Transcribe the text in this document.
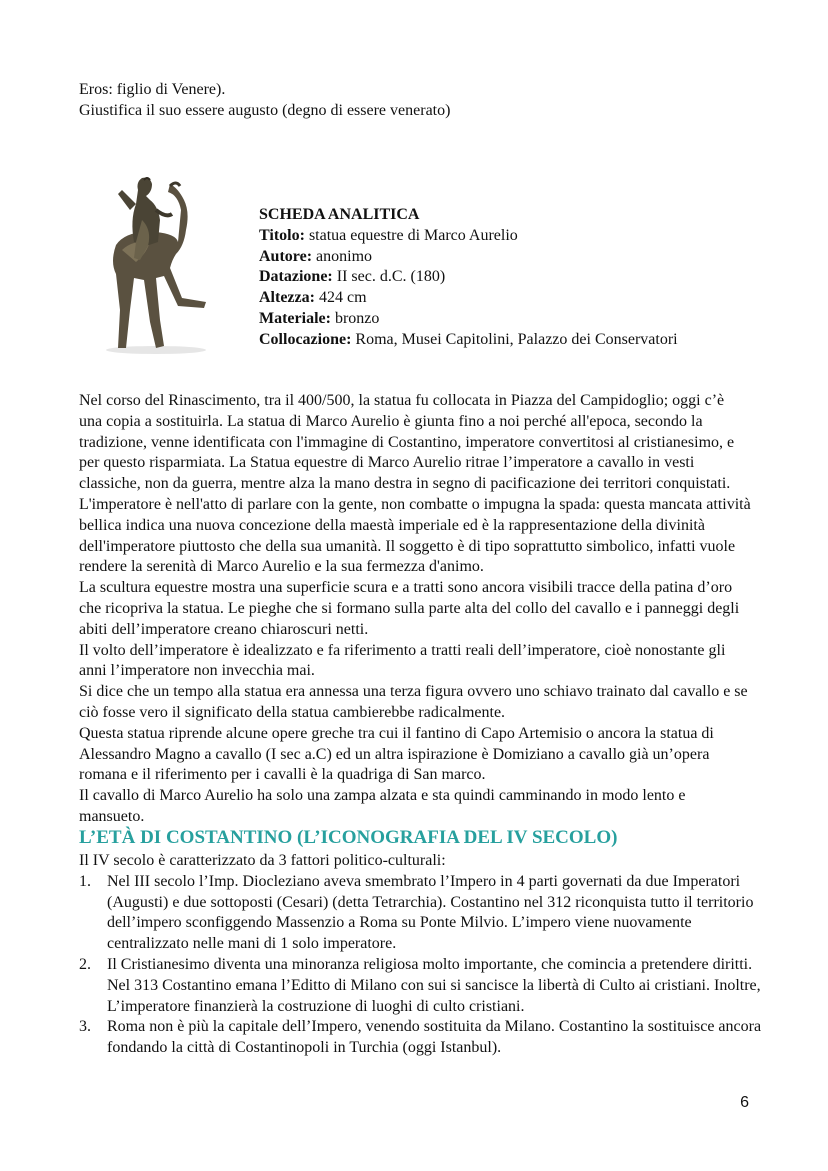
Eros: figlio di Venere).

Giustifica il suo essere augusto (degno di essere venerato)

SCHEDA ANALITICA

Titolo: statua equestre di Marco Aurelio

Autore: anonimo

Datazione: II sec. d.C. (180)

Altezza: 424 cm

Materiale: bronzo

Collocazione: Roma, Musei Capitolini, Palazzo dei Conservatori

Nel corso del Rinascimento, tra il 400/500, la statua fu collocata in Piazza del Campidoglio; oggi c’è una copia a sostituirla. La statua di Marco Aurelio è giunta fino a noi perché all'epoca, secondo la tradizione, venne identificata con l'immagine di Costantino, imperatore convertitosi al cristianesimo, e per questo risparmiata. La Statua equestre di Marco Aurelio ritrae l’imperatore a cavallo in vesti classiche, non da guerra, mentre alza la mano destra in segno di pacificazione dei territori conquistati. L'imperatore è nell'atto di parlare con la gente, non combatte o impugna la spada: questa mancata attività bellica indica una nuova concezione della maestà imperiale ed è la rappresentazione della divinità dell'imperatore piuttosto che della sua umanità. Il soggetto è di tipo soprattutto simbolico, infatti vuole rendere la serenità di Marco Aurelio e la sua fermezza d'animo.

La scultura equestre mostra una superficie scura e a tratti sono ancora visibili tracce della patina d’oro che ricopriva la statua. Le pieghe che si formano sulla parte alta del collo del cavallo e i panneggi degli abiti dell’imperatore creano chiaroscuri netti.

Il volto dell’imperatore è idealizzato e fa riferimento a tratti reali dell’imperatore, cioè nonostante gli anni l’imperatore non invecchia mai.

Si dice che un tempo alla statua era annessa una terza figura ovvero uno schiavo trainato dal cavallo e se ciò fosse vero il significato della statua cambierebbe radicalmente.

Questa statua riprende alcune opere greche tra cui il fantino di Capo Artemisio o ancora la statua di Alessandro Magno a cavallo (I sec a.C) ed un altra ispirazione è Domiziano a cavallo già un’opera romana e il riferimento per i cavalli è la quadriga di San marco.

Il cavallo di Marco Aurelio ha solo una zampa alzata e sta quindi camminando in modo lento e mansueto.

L’ETÀ DI COSTANTINO (L’ICONOGRAFIA DEL IV SECOLO)

Il IV secolo è caratterizzato da 3 fattori politico-culturali:

1. Nel III secolo l’Imp. Diocleziano aveva smembrato l’Impero in 4 parti governati da due Imperatori (Augusti) e due sottoposti (Cesari) (detta Tetrarchia). Costantino nel 312 riconquista tutto il territorio dell’impero sconfiggendo Massenzio a Roma su Ponte Milvio. L’impero viene nuovamente centralizzato nelle mani di 1 solo imperatore.
2. Il Cristianesimo diventa una minoranza religiosa molto importante, che comincia a pretendere diritti. Nel 313 Costantino emana l’Editto di Milano con sui si sancisce la libertà di Culto ai cristiani. Inoltre, L’imperatore finanzierà la costruzione di luoghi di culto cristiani.
3. Roma non è più la capitale dell’Impero, venendo sostituita da Milano. Costantino la sostituisce ancora fondando la città di Costantinopoli in Turchia (oggi Istanbul).
6
